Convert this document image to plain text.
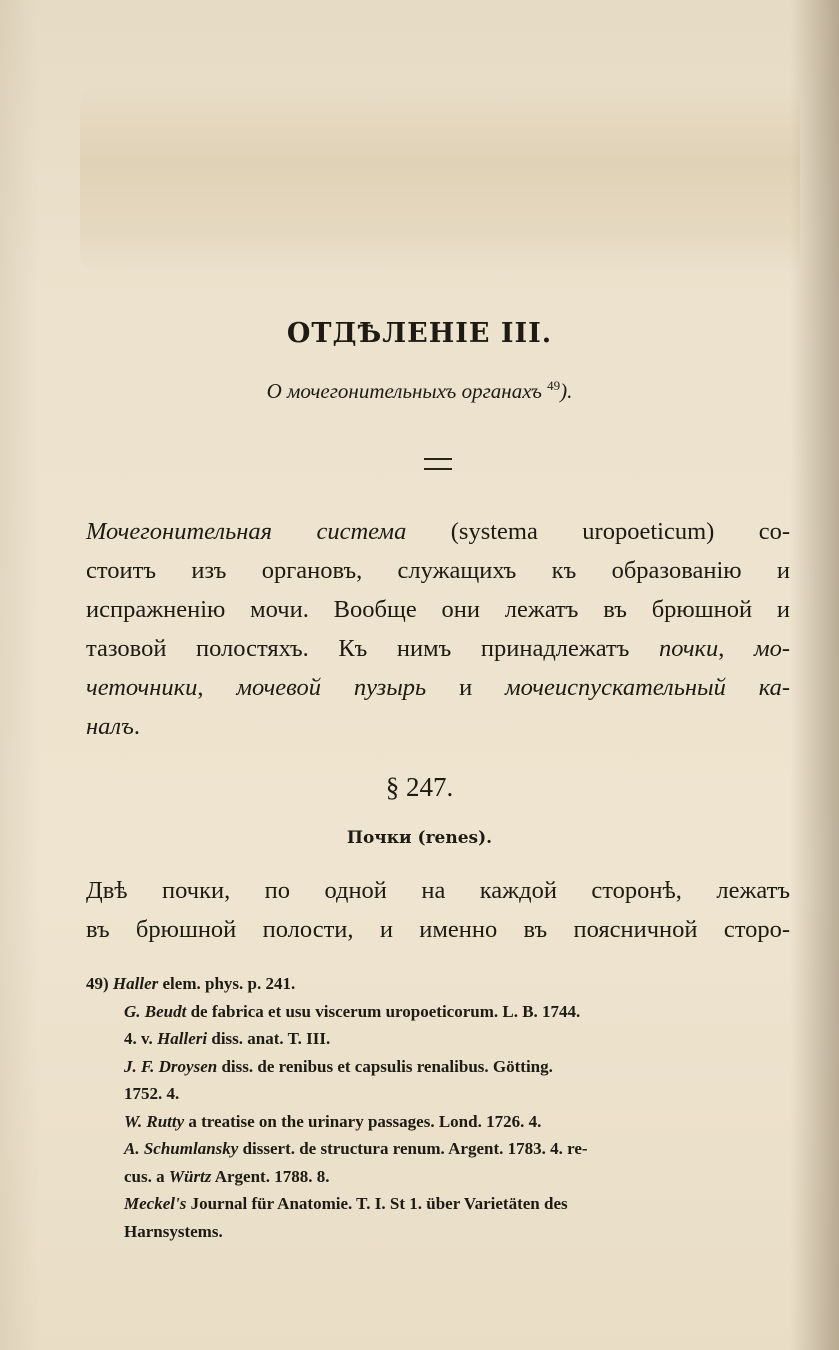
ОТДѢЛЕНІЕ III.
О мочегонительныхъ органахъ $^{49}$).
Мочегонительная система (systema uropoeticum) со-
стоитъ изъ органовъ, служащихъ къ образованію и
испражненію мочи. Вообще они лежатъ въ брюшной и
тазовой полостяхъ. Къ нимъ принадлежатъ почки, мо-
четочники, мочевой пузырь и мочеиспускательный ка-
налъ.
§ 247.
Почки (renes).
Двѣ почки, по одной на каждой сторонѣ, лежатъ
въ брюшной полости, и именно въ поясничной сторо-
49) Haller elem. phys. p. 241.
G. Beudt de fabrica et usu viscerum uropoeticorum. L. B. 1744.
4. v. Halleri diss. anat. T. III.
J. F. Droysen diss. de renibus et capsulis renalibus. Götting.
1752. 4.
W. Rutty a treatise on the urinary passages. Lond. 1726. 4.
A. Schumlansky dissert. de structura renum. Argent. 1783. 4. re-
cus. a Würtz Argent. 1788. 8.
Meckel's Journal für Anatomie. T. I. St 1. über Varietäten des
Harnsystems.
